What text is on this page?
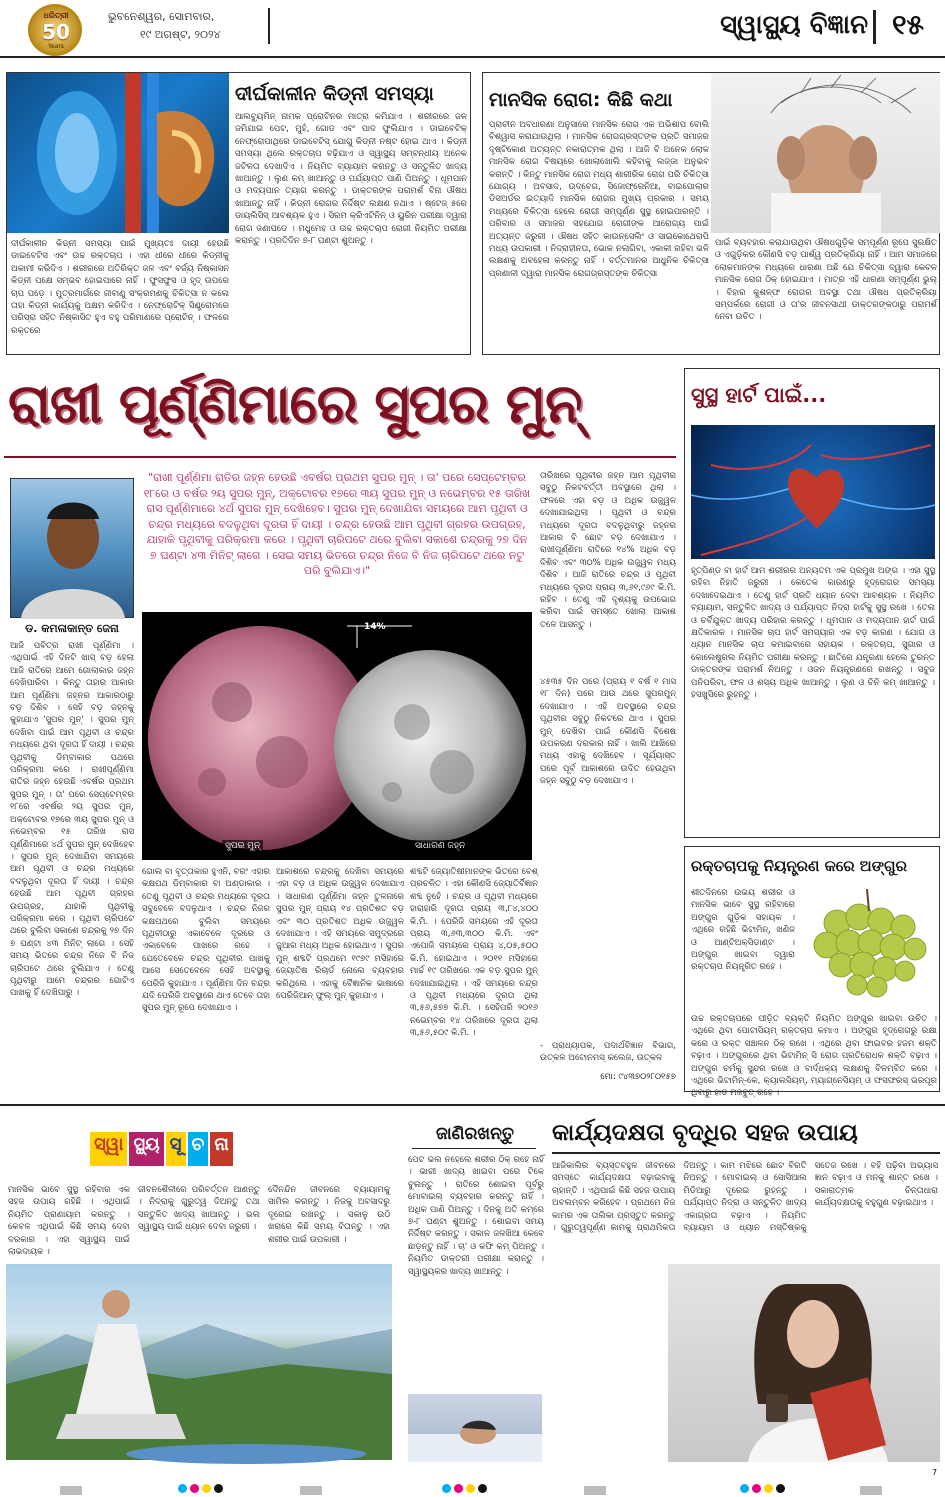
ଧରିତ୍ରୀ
50
Years
ଭୁବନେଶ୍ୱର, ସୋମବାର,
୧୯ ଅଗଷ୍ଟ, ୨୦୨୪	ସ୍ୱାସ୍ଥ୍ୟ ବିଜ୍ଞାନ ୧୫
ଦୀର୍ଘକାଳୀନ କିଡ୍ନୀ ସମସ୍ୟା
ଆଲବ୍ୟୁମିନ୍ ନାମକ ପ୍ରୋଟିନର ମାତ୍ରା କମିଯାଏ । ଶରୀରରେ ଜଳ ଜମିଯାଇ ପେଟ, ମୁହଁ, ଗୋଡ ଏବଂ ପାଦ ଫୁଲିଯାଏ । ଡାଇବେଟିକ୍ ନେଫ୍ରୋପାଥିରେ ଡାଇବେଟିସ୍ ଯୋଗୁ କିଡ୍ନୀ ନଷ୍ଟ ହୋଇ ଥାଏ । କିଡ୍ନୀ ସମସ୍ୟା ଥିଲେ ରକ୍ତଚାପ ବଢ଼ିଯାଏ ଓ ସ୍ୱାସ୍ଥ୍ୟ ସମ୍ବନ୍ଧୀୟ ଅନେକ ଜଟିଳତା ଦେଖାଦିଏ । ନିୟମିତ ବ୍ୟାୟାମ କରନ୍ତୁ ଓ ସନ୍ତୁଳିତ ଖାଦ୍ୟ ଖାଆନ୍ତୁ । ଲୁଣ କମ୍ ଖାଆନ୍ତୁ ଓ ପର୍ଯ୍ୟାପ୍ତ ପାଣି ପିଅନ୍ତୁ । ଧୂମପାନ ଓ ମଦ୍ୟପାନ ତ୍ୟାଗ କରନ୍ତୁ । ଡାକ୍ତରଙ୍କ ପରାମର୍ଶ ବିନା ଔଷଧ ଖାଆନ୍ତୁ ନାହିଁ । କିଡ୍ନୀ ରୋଗର ନିର୍ଦ୍ଦିଷ୍ଟ ଲକ୍ଷଣ ନଥାଏ । ଷ୍ଟେଜ୍ ୫ରେ ଡାୟଲିସିସ୍ ଆବଶ୍ୟକ ହୁଏ । ସିରମ କ୍ରିଏଟିନିନ୍ ଓ ୟୁରିନ ପରୀକ୍ଷା ଦ୍ୱାରା ରୋଗ ଜଣାପଡେ । ମଧୁମେହ ଓ ଉଚ୍ଚ ରକ୍ତଚାପ ରୋଗୀ ନିୟମିତ ପରୀକ୍ଷା କରାନ୍ତୁ । ପ୍ରତିଦିନ ୭-୮ ଘଣ୍ଟା ଶୁଅନ୍ତୁ ।
ଦୀର୍ଘକାଳୀନ କିଡ୍ନୀ ସମସ୍ୟା ପାଇଁ ମୁଖ୍ୟତଃ ଦାୟୀ ହେଉଛି ଡାଇବେଟିସ ଏବଂ ଉଚ୍ଚ ରକ୍ତଚାପ । ଏହା ଧୀରେ ଧୀରେ କିଡ୍ନୀକୁ ଅକାମୀ କରିଦିଏ । ଶରୀରରେ ଅତିରିକ୍ତ ଜଳ ଏବଂ ବର୍ଜ୍ୟ ନିଷ୍କାସନ କିଡ୍ନୀ ପକ୍ଷେ ସମ୍ଭବ ହୋଇପାରେ ନାହିଁ । ଫୁସଫୁସ ଓ ହୃଦ୍ ଉପରେ ଚାପ ପଡ଼େ । ମୁତ୍ରମାର୍ଗରେ ଜୀବାଣୁ ସଂକ୍ରମଣକୁ ଚିକିତ୍ସା ନ କଲେ ତାହା କିଡ୍ନୀ କାର୍ଯ୍ୟକୁ ଅକ୍ଷମ କରିଦିଏ । ନେଫ୍ରୋଟିକ୍ ସିଣ୍ଡ୍ରୋମରେ ପରିସ୍ରା ସହିତ ନିଷ୍କାସିତ ହୁଏ ବହୁ ପରିମାଣରେ ପ୍ରୋଟିନ୍ । ଫଳରେ ରକ୍ତରେ
ମାନସିକ ରୋଗ: କିଛି କଥା
ପ୍ରାଚୀନ ଅବଧାରଣା ଅନୁସାରେ ମାନସିକ ରୋଗ ଏକ ଅଭିଶାପ ବୋଲି ବିଶ୍ୱାସ କରାଯାଉଥିଲା । ମାନସିକ ରୋଗଗ୍ରସ୍ତଙ୍କ ପ୍ରତି ସମାଜର ଦୃଷ୍ଟିକୋଣ ଅତ୍ୟନ୍ତ ନକାରାତ୍ମକ ଥିଲା । ଆଜି ବି ଅନେକ ଲୋକ ମାନସିକ ରୋଗ ବିଷୟରେ ଖୋଲାଖୋଲି କହିବାକୁ ଲଜ୍ଜା ଅନୁଭବ କରନ୍ତି । କିନ୍ତୁ ମାନସିକ ରୋଗ ମଧ୍ୟ ଶାରୀରିକ ରୋଗ ପରି ଚିକିତ୍ସା ଯୋଗ୍ୟ । ଅବସାଦ, ଉଦ୍‌ବେଗ, ସିଜୋଫ୍ରେନିଆ, ବାଇପୋଲାର ଡିସଅର୍ଡର ଇତ୍ୟାଦି ମାନସିକ ରୋଗର ମୁଖ୍ୟ ପ୍ରକାର । ସମୟ ମଧ୍ୟରେ ଚିକିତ୍ସା ହେଲେ ରୋଗୀ ସମ୍ପୂର୍ଣ୍ଣ ସୁସ୍ଥ ହୋଇପାରନ୍ତି । ପରିବାର ଓ ସମାଜର ସହଯୋଗ ରୋଗୀଙ୍କ ଆରୋଗ୍ୟ ପାଇଁ ଅତ୍ୟନ୍ତ ଜରୁରୀ । ଔଷଧ ସହିତ କାଉନ୍ସେଲିଂ ଓ ସାଇକୋଥେରାପି ମଧ୍ୟ ଉପକାରୀ । ନିଦ୍ରାହୀନତା, ଭୋକ ନଲାଗିବା, ଏକାକୀ ରହିବା ଭଳି ଲକ୍ଷଣକୁ ଅବହେଳା କରନ୍ତୁ ନାହିଁ । ବର୍ତ୍ତମାନର ଆଧୁନିକ ଚିକିତ୍ସା ପ୍ରଣାଳୀ ଦ୍ୱାରା ମାନସିକ ରୋଗଗ୍ରସ୍ତଙ୍କ ଚିକିତ୍ସା
ପାଇଁ ବ୍ୟବହାର କରାଯାଉଥିବା ଔଷଧଗୁଡ଼ିକ ସମ୍ପୂର୍ଣ୍ଣ ରୂପେ ସୁରକ୍ଷିତ ଓ ଏଗୁଡ଼ିକର କୌଣସି ବଡ଼ ପାର୍ଶ୍ୱ ପ୍ରତିକ୍ରିୟା ନାହିଁ । ଆମ ସମାଜରେ ଲୋକମାନଙ୍କ ମଧ୍ୟରେ ଧାରଣା ଅଛି ଯେ ଚିକିତ୍ସା ଦ୍ୱାରା କେବଳ ମାନସିକ ରୋଗ ଠିକ୍ ହୋଇଯାଏ । ମାତ୍ର ଏହି ଧାରଣା ସମ୍ପୂର୍ଣ୍ଣ ଭୁଲ୍ । ବିହାର କୁଶଳ୍ଫ ରୋଗର ଅବସ୍ଥା ତଥା ଔଷଧ ପ୍ରତିକ୍ରିୟା ସମ୍ପର୍କରେ ରୋଗୀ ଓ ତା'ର ଜୀବନସାଥୀ ଡାକ୍ତରଙ୍କଠାରୁ ପରାମର୍ଶ ନେବା ଉଚିତ ।
ରାଖୀ ପୂର୍ଣ୍ଣିମାରେ ସୁପର ମୁନ୍
ଡ. କମଳାକାନ୍ତ ଜେନା
"ରାଖୀ ପୂର୍ଣ୍ଣିମା ରାତିର ଜହ୍ନ ହେଉଛି ଏବର୍ଷର ପ୍ରଥମ ସୁପର ମୁନ୍ । ତା' ପରେ ସେପ୍ଟେମ୍ବର ୧୮ରେ ଓ ବର୍ଷର ୨ୟ ସୁପର ମୁନ୍, ଅକ୍ଟୋବର ୧୭ରେ ୩ୟ ସୁପର ମୁନ୍ ଓ ନଭେମ୍ବର ୧୫ ତାରିଖ ରାସ ପୂର୍ଣ୍ଣିମାରେ ୪ର୍ଥ ସୁପର ମୁନ୍ ଦେଖିହେବ। ସୁପର ମୁନ୍ ଦେଖାଯିବା ସମୟରେ ଆମ ପୃଥିବୀ ଓ ଚନ୍ଦ୍ର ମଧ୍ୟରେ ବଦଳୁଥିବା ଦୂରତା ହିଁ ଦାୟୀ । ଚନ୍ଦ୍ର ହେଉଛି ଆମ ପୃଥିବୀ ଗ୍ରହର ଉପଗ୍ରହ, ଯାହାକି ପୃଥିବୀକୁ ପରିକ୍ରମା କରେ । ପୃଥିବୀ ଚାରିପଟେ ଥରେ ବୁଲିବା ସକାଶେ ଚନ୍ଦ୍ରକୁ ୨୭ ଦିନ ୭ ଘଣ୍ଟା ୪୩ ମିନିଟ୍ ଲାଗେ । ସେଇ ସମୟ ଭିତରେ ଚନ୍ଦ୍ର ନିଜେ ବି ନିଜ ଚାରିପଟେ ଥରେ ନଟୁ ପରି ବୁଲିଯାଏ।"
14%
ସୁପର ମୁନ୍	ସାଧାରଣ ଜହ୍ନ
ଆଜି ପବିତ୍ର ରାଖୀ ପୂର୍ଣ୍ଣିମା । ଏଥିପାଇଁ ଏହି ଦିନଟି ଖାସ୍ ବଡ଼ ହେଲା ଆଜି ରାତିରେ ଆମେ ଗୋଲାକାର ଜହ୍ନ ଦେଖିପାରିବା । କିନ୍ତୁ ତାହାର ଆକାର ଆମ ପୂର୍ଣ୍ଣିମା ଜହ୍ନର ଆକାରଠାରୁ ବଡ଼ ଦିଶିବ । ସେହି ବଡ଼ ଜହ୍ନକୁ କୁହାଯାଏ 'ସୁପର ମୁନ୍' । ସୁପର ମୁନ୍ ଦେଖିବା ପାଇଁ ଆମ ପୃଥିବୀ ଓ ଚନ୍ଦ୍ର ମଧ୍ୟରେ ଥିବା ଦୂରତା ହିଁ ଦାୟୀ । ଚନ୍ଦ୍ର ପୃଥିବୀକୁ ଡିମ୍ବାକାର ପଥରେ ପରିକ୍ରମା କରେ । ରାଖୀପୂର୍ଣ୍ଣିମା ରାତିର ଜହ୍ନ ହେଉଛି ଏବର୍ଷର ପ୍ରଥମ ସୁପର ମୁନ୍ । ତା' ପରେ ସେପ୍ଟେମ୍ବର ୧୮ରେ ଏବର୍ଷର ୨ୟ ସୁପର ମୁନ୍, ଅକ୍ଟୋବର ୧୭ରେ ୩ୟ ସୁପର ମୁନ୍ ଓ ନଭେମ୍ବର ୧୫ ତାରିଖ ରାସ ପୂର୍ଣ୍ଣିମାରେ ୪ର୍ଥ ସୁପର ମୁନ୍ ଦେଖିହେବ । ସୁପର ମୁନ୍ ଦେଖାଯିବା ସମୟରେ ଆମ ପୃଥିବୀ ଓ ଚନ୍ଦ୍ର ମଧ୍ୟରେ ବଦଳୁଥିବା ଦୂରତା ହିଁ ଦାୟୀ । ଚନ୍ଦ୍ର ହେଉଛି ଆମ ପୃଥିବୀ ଗ୍ରହର ଉପଗ୍ରହ, ଯାହାକି ପୃଥିବୀକୁ ପରିକ୍ରମା କରେ । ପୃଥିବୀ ଚାରିପଟେ ଥରେ ବୁଲିବା ସକାଶେ ଚନ୍ଦ୍ରକୁ ୨୭ ଦିନ ୭ ଘଣ୍ଟା ୪୩ ମିନିଟ୍ ଲାଗେ । ସେହି ସମୟ ଭିତରେ ଚନ୍ଦ୍ର ନିଜେ ବି ନିଜ ଚାରିପଟେ ଥରେ ବୁଲିଯାଏ । ତେଣୁ ପୃଥିବୀରୁ ଆମେ ଚନ୍ଦ୍ରର ଗୋଟିଏ ପାଖକୁ ହିଁ ଦେଖିପାରୁ ।
ଗୋଲ ବା ବୃତ୍ତାକାର ହୁଏନି, ବରଂ ଏହାର କକ୍ଷପଥ ଡିମ୍ବାକାର ବା ଅଣ୍ଡାକାର । ତେଣୁ ପୃଥିବୀ ଓ ଚନ୍ଦ୍ର ମଧ୍ୟରେ ଦୂରତା ସବୁବେଳେ ବଦଳୁଥାଏ । ଚନ୍ଦ୍ର ନିଜର କକ୍ଷପଥରେ ବୁଲିବା ସମୟରେ ପୃଥିବୀଠାରୁ ଏକାବେଳେ ଦୂରରେ ଓ ଏକାବେଳେ ପାଖରେ ରହେ । ଯେତେବେଳେ ଚନ୍ଦ୍ର ପୃଥିବୀର ପାଖକୁ ଆସେ ସେତେବେଳେ ସେହି ଅବସ୍ଥାକୁ ପେରିଜି କୁହାଯାଏ । ପୂର୍ଣ୍ଣିମା ଦିନ ଚନ୍ଦ୍ର ଯଦି ପେରିଜି ଅବସ୍ଥାରେ ଥାଏ ତେବେ ତାହା ସୁପର ମୁନ୍ ରୂପେ ଦେଖାଯାଏ ।
ଆକାଶରେ ଚନ୍ଦ୍ରକୁ ଦେଖିବା ସମୟରେ ଏହା ବଡ଼ ଓ ଅଧିକ ଉଜ୍ଜ୍ୱଳ ଦେଖାଯାଏ । ସାଧାରଣ ପୂର୍ଣ୍ଣିମା ଜହ୍ନ ତୁଳନାରେ ସୁପର ମୁନ୍ ପ୍ରାୟ ୧୪ ପ୍ରତିଶତ ବଡ଼ ଏବଂ ୩୦ ପ୍ରତିଶତ ଅଧିକ ଉଜ୍ଜ୍ୱଳ ଦେଖାଯାଏ । ଏହି ସମୟରେ ସମୁଦ୍ରରେ ଜୁଆର ମଧ୍ୟ ଅଧିକ ହୋଇଥାଏ । ସୁପର ମୁନ୍ ଶବ୍ଦଟି ପ୍ରଥମେ ୧୯୭୯ ମସିହାରେ ଜ୍ୟୋତିଷ ରିଚାର୍ଡ ନୋଲେ ବ୍ୟବହାର କରିଥିଲେ । ଏହାକୁ ବୈଜ୍ଞାନିକ ଭାଷାରେ ପେରିଜିଆନ୍ ଫୁଲ୍ ମୁନ୍ କୁହାଯାଏ ।
ଶବ୍ଦଟି ଜ୍ୟୋତିଷୀମାନଙ୍କ ଭିତରେ ବେଶ୍ ପ୍ରଚଳିତ । ଏହା କୌଣସି ଜ୍ୟୋତିର୍ବିଜ୍ଞାନ ଶବ୍ଦ ନୁହେଁ । ଚନ୍ଦ୍ର ଓ ପୃଥିବୀ ମଧ୍ୟରେ ହାରାହାରି ଦୂରତା ପ୍ରାୟ ୩,୮୪,୪୦୦ କି.ମି. । ପେରିଜି ସମୟରେ ଏହି ଦୂରତା ପ୍ରାୟ ୩,୬୩,୩୦୦ କି.ମି. ଏବଂ ଏପୋଜି ସମୟରେ ପ୍ରାୟ ୪,୦୫,୫୦୦ କି.ମି. ହୋଇଥାଏ । ୨୦୧୧ ମସିହାରେ ମାର୍ଚ୍ଚ ୧୯ ତାରିଖରେ ଏକ ବଡ଼ ସୁପର ମୁନ୍ ଦେଖାଯାଇଥିଲା । ଏହି ସମୟରେ ଚନ୍ଦ୍ର ଓ ପୃଥିବୀ ମଧ୍ୟରେ ଦୂରତା ଥିଲା ୩,୫୬,୫୭୭ କି.ମି. । ସେହିପରି ୨୦୧୬ ନଭେମ୍ବର ୧୪ ତାରିଖରେ ଦୂରତା ଥିଲା ୩,୫୬,୫୦୯ କି.ମି. ।
ତାରିଖରେ ପୃଥିବୀର ଜହ୍ନ ଆମ ପୃଥିବୀର ସବୁଠୁ ନିକଟବର୍ତ୍ତୀ ଅବସ୍ଥାରେ ଥିଲା । ଫଳରେ ଏହା ବଡ଼ ଓ ଅଧିକ ଉଜ୍ଜ୍ୱଳ ଦେଖାଯାଇଥିଲା । ପୃଥିବୀ ଓ ଚନ୍ଦ୍ର ମଧ୍ୟରେ ଦୂରତା ବଦଳୁଥିବାରୁ ଜହ୍ନର ଆକାର ବି ଛୋଟ ବଡ଼ ଦେଖାଯାଏ । ରାଖୀପୂର୍ଣ୍ଣିମା ରାତିରେ ୧୪% ଅଧିକ ବଡ଼ ଦିଶିବ ଏବଂ ୩୦% ଅଧିକ ଉଜ୍ଜ୍ୱଳ ମଧ୍ୟ ଦିଶିବ । ଆଜି ରାତିରେ ଚନ୍ଦ୍ର ଓ ପୃଥିବୀ ମଧ୍ୟରେ ଦୂରତା ପ୍ରାୟ ୩,୬୧,୯୬୯ କି.ମି. ରହିବ । ତେଣୁ ଏହି ଦୃଶ୍ୟକୁ ଉପଭୋଗ କରିବା ପାଇଁ ସମସ୍ତେ ଖୋଲା ଆକାଶ ତଳେ ଆସନ୍ତୁ ।
୪୫୩୫ ଦିନ ପରେ (ପ୍ରାୟ ୧ ବର୍ଷ ୧ ମାସ ୧୮ ଦିନ) ପରେ ଆଉ ଥରେ ସୁପରମୁନ୍ ଦେଖାଯାଏ । ଏହି ଅବସ୍ଥାରେ ଚନ୍ଦ୍ର ପୃଥିବୀର ସବୁଠୁ ନିକଟରେ ଥାଏ । ସୁପର ମୁନ୍ ଦେଖିବା ପାଇଁ କୌଣସି ବିଶେଷ ଉପକରଣ ଦରକାର ନାହିଁ । ଖାଲି ଆଖିରେ ମଧ୍ୟ ଏହାକୁ ଦେଖିହେବ । ସୂର୍ଯ୍ୟାସ୍ତ ପରେ ପୂର୍ବ ଆକାଶରେ ଉଦିତ ହେଉଥିବା ଜହ୍ନ ସବୁଠୁ ବଡ଼ ଦେଖାଯାଏ ।
- ପ୍ରାଧ୍ୟାପକ, ପଦାର୍ଥବିଜ୍ଞାନ ବିଭାଗ, ଉତ୍କଳ ଅଟୋନମସ୍ କଲେଜ, ଉତ୍କଳ
ମୋ: ୯୪୩୭୦୨୮୦୧୫୭
ସୁସ୍ଥ ହାର୍ଟ ପାଇଁ...
ହୃତ୍‌ପିଣ୍ଡ ବା ହାର୍ଟ ଆମ ଶରୀରର ଅନ୍ୟତମ ଏକ ପ୍ରମୁଖ ଅଙ୍ଗ । ଏହା ସୁସ୍ଥ ରହିବା ନିହାତି ଜରୁରୀ । କେତେକ କାରଣରୁ ହୃଦ୍‌ରୋଗର ସମସ୍ୟା ଦେଖାଦେଇଥାଏ । ତେଣୁ ହାର୍ଟ ପ୍ରତି ଧ୍ୟାନ ଦେବା ଆବଶ୍ୟକ । ନିୟମିତ ବ୍ୟାୟାମ, ସନ୍ତୁଳିତ ଖାଦ୍ୟ ଓ ପର୍ଯ୍ୟାପ୍ତ ନିଦ୍ରା ହାର୍ଟକୁ ସୁସ୍ଥ ରଖେ । ତେଲ ଓ ଚର୍ବିଯୁକ୍ତ ଖାଦ୍ୟ ପରିହାର କରନ୍ତୁ । ଧୂମପାନ ଓ ମଦ୍ୟପାନ ହାର୍ଟ ପାଇଁ କ୍ଷତିକାରକ । ମାନସିକ ଚାପ ହାର୍ଟ ସମସ୍ୟାର ଏକ ବଡ଼ କାରଣ । ଯୋଗ ଓ ଧ୍ୟାନ ମାନସିକ ଚାପ କମାଇବାରେ ସହାୟକ । ରକ୍ତଚାପ, ସୁଗାର ଓ କୋଲେଷ୍ଟ୍ରଲ ନିୟମିତ ପରୀକ୍ଷା କରନ୍ତୁ । ଛାତିରେ ଯନ୍ତ୍ରଣା ହେଲେ ତୁରନ୍ତ ଡାକ୍ତରଙ୍କ ପରାମର୍ଶ ନିଅନ୍ତୁ । ଓଜନ ନିୟନ୍ତ୍ରଣରେ ରଖନ୍ତୁ । ସବୁଜ ପନିପରିବା, ଫଳ ଓ ଶସ୍ୟ ଅଧିକ ଖାଆନ୍ତୁ । ଲୁଣ ଓ ଚିନି କମ୍ ଖାଆନ୍ତୁ । ହସଖୁସିରେ ରୁହନ୍ତୁ ।
ରକ୍ତଚାପକୁ ନିୟନ୍ତ୍ରଣ କରେ ଅଙ୍ଗୁର
ଶୀତଦିନରେ ଉଭୟ ଶରୀର ଓ ମାନସିକ ଭାବେ ସୁସ୍ଥ ରହିବାରେ ଅଙ୍ଗୁର ଗୁଡ଼ିକ ସହାୟକ । ଏଥିରେ ରହିଛି ଭିଟାମିନ୍, ଖଣିଜ ଓ ଆଣ୍ଟିଅକ୍ସିଡାଣ୍ଟ । ଅଙ୍ଗୁର ଖାଇବା ଦ୍ୱାରା ରକ୍ତଚାପ ନିୟନ୍ତ୍ରିତ ରହେ ।
ଉଚ୍ଚ ରକ୍ତଚାପରେ ପୀଡ଼ିତ ବ୍ୟକ୍ତି ନିୟମିତ ଅଙ୍ଗୁର ଖାଇବା ଉଚିତ । ଏଥିରେ ଥିବା ପୋଟାସିୟମ୍ ରକ୍ତଚାପ କମାଏ । ଅଙ୍ଗୁର ହୃଦ୍‌ରୋଗରୁ ରକ୍ଷା କରେ ଓ ରକ୍ତ ସଞ୍ଚାଳନ ଠିକ୍ ରଖେ । ଏଥିରେ ଥିବା ଫାଇବର ହଜମ ଶକ୍ତି ବଢ଼ାଏ । ଅଙ୍ଗୁରରେ ଥିବା ଭିଟାମିନ୍ ସି ରୋଗ ପ୍ରତିରୋଧକ ଶକ୍ତି ବଢ଼ାଏ । ଅଙ୍ଗୁର ଚର୍ମକୁ ସୁନ୍ଦର ରଖେ ଓ ବାର୍ଦ୍ଧକ୍ୟ ଲକ୍ଷଣକୁ ବିଳମ୍ବିତ କରେ । ଏଥିରେ ଭିଟାମିନ୍-କେ, କ୍ୟାଲସିୟମ୍, ମ୍ୟାଗ୍ନେସିୟମ୍ ଓ ଫସଫରସ୍ ଭରପୂର ଥିବାରୁ ହାଡ ମଜବୁତ୍ ରହେ ।
ସ୍ୱା ସ୍ଥ୍ୟ ସୂ ଚ ନା
ମାନସିକ ଭାବେ ସୁସ୍ଥ ରହିବାର ଏକ ସହଜ ଉପାୟ ରହିଛି । ଏଥିପାଇଁ ନିୟମିତ ପ୍ରାଣାୟାମ କରନ୍ତୁ । କେବଳ ଏଥିପାଇଁ କିଛି ସମୟ ଦେବା ଦରକାର । ଏହା ସ୍ୱାସ୍ଥ୍ୟ ପାଇଁ ଲାଭଦାୟକ ।
ଜୀବନଶୈଳୀରେ ପରିବର୍ତ୍ତନ ଆଣନ୍ତୁ । ନିଦ୍ରାକୁ ଗୁରୁତ୍ୱ ଦିଅନ୍ତୁ ତଥା ସନ୍ତୁଳିତ ଖାଦ୍ୟ ଖାଆନ୍ତୁ । ଭଲ ସ୍ୱାସ୍ଥ୍ୟ ପାଇଁ ଧ୍ୟାନ ଦେବା ଜରୁରୀ ।
ଦୈନନ୍ଦିନ ଜୀବନରେ ବ୍ୟାୟାମକୁ ସାମିଲ କରନ୍ତୁ । ନିଜକୁ ଅବସାଦରୁ ଦୂରେଇ ରଖନ୍ତୁ । ସକାଳୁ ଉଠି ଖରାରେ କିଛି ସମୟ ବିତାନ୍ତୁ । ଏହା ଶରୀର ପାଇଁ ଉପକାରୀ ।
ଜାଣିରଖନ୍ତୁ
ପେଟ ଭଲ ନହେଲେ ଶରୀର ଠିକ୍ ରହେ ନାହିଁ । ଭାରୀ ଖାଦ୍ୟ ଖାଇବା ପରେ ଟିକେ ବୁଲନ୍ତୁ । ରାତିରେ ଶୋଇବା ପୂର୍ବରୁ ମୋବାଇଲ୍ ବ୍ୟବହାର କରନ୍ତୁ ନାହିଁ । ଅଧିକ ପାଣି ପିଅନ୍ତୁ । ଦିନକୁ ଅତି କମ୍‌ରେ ୭-୮ ଘଣ୍ଟା ଶୁଅନ୍ତୁ । ଶୋଇବା ସମୟ ନିର୍ଦ୍ଦିଷ୍ଟ କରନ୍ତୁ । ସକାଳ ଜଳଖିଆ କେବେ ଛାଡ଼ନ୍ତୁ ନାହିଁ । ଚା' ଓ କଫି କମ୍ ପିଅନ୍ତୁ । ନିୟମିତ ଡାକ୍ତରୀ ପରୀକ୍ଷା କରାନ୍ତୁ । ସ୍ୱାସ୍ଥ୍ୟକର ଖାଦ୍ୟ ଖାଆନ୍ତୁ ।
କାର୍ଯ୍ୟଦକ୍ଷତା ବୃଦ୍ଧିର ସହଜ ଉପାୟ
ଆଜିକାଲିର ବ୍ୟସ୍ତବହୁଳ ଜୀବନରେ ସମସ୍ତେ କାର୍ଯ୍ୟଦକ୍ଷତା ବଢ଼ାଇବାକୁ ଚାହାନ୍ତି । ଏଥିପାଇଁ କିଛି ସହଜ ଉପାୟ ଅବଲମ୍ବନ କରିହେବ । ପ୍ରଥମେ ନିଜ କାମର ଏକ ତାଲିକା ପ୍ରସ୍ତୁତ କରନ୍ତୁ । ଗୁରୁତ୍ୱପୂର୍ଣ୍ଣ କାମକୁ ପ୍ରାଥମିକତା ଦିଅନ୍ତୁ । କାମ ମଝିରେ ଛୋଟ ବିରତି ନିଅନ୍ତୁ । ମୋବାଇଲ୍ ଓ ସୋସିଆଲ ମିଡିଆରୁ ଦୂରେଇ ରୁହନ୍ତୁ । ପର୍ଯ୍ୟାପ୍ତ ନିଦ୍ରା ଓ ସନ୍ତୁଳିତ ଖାଦ୍ୟ ଏକାଗ୍ରତା ବଢ଼ାଏ । ନିୟମିତ ବ୍ୟାୟାମ ଓ ଧ୍ୟାନ ମସ୍ତିଷ୍କକୁ ସତେଜ ରଖେ । ବହି ପଢ଼ିବା ଅଭ୍ୟାସ ଜ୍ଞାନ ବଢ଼ାଏ ଓ ମନକୁ ଶାନ୍ତ ରଖେ । ସକାରାତ୍ମକ ଚିନ୍ତାଧାରା କାର୍ଯ୍ୟଦକ୍ଷତାକୁ ବହୁଗୁଣ ବଢ଼ାଇଥାଏ ।
7
